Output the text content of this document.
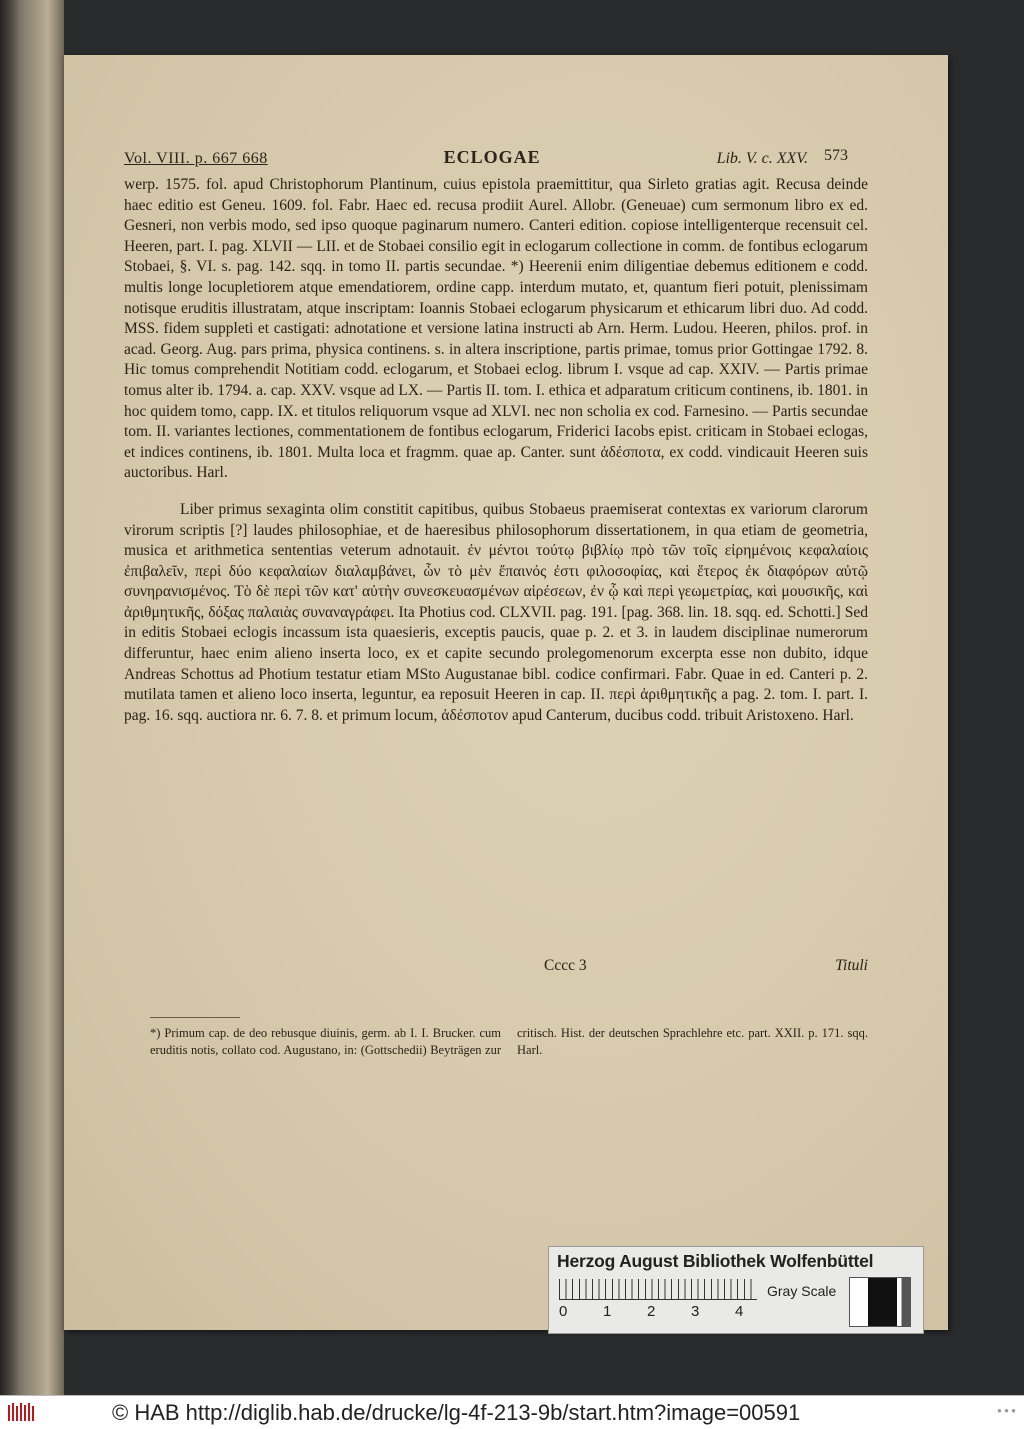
Vol. VIII. p. 667 668	ECLOGAE	Lib. V. c. XXV. 573

werp. 1575. fol. apud Christophorum Plantinum, cuius epistola praemittitur, qua Sirleto gratias agit. Recusa deinde haec editio est Geneu. 1609. fol. Fabr. Haec ed. recusa prodiit Aurel. Allobr. (Geneuae) cum sermonum libro ex ed. Gesneri, non verbis modo, sed ipso quoque paginarum numero. Canteri edition. copiose intelligenterque recensuit cel. Heeren, part. I. pag. XLVII — LII. et de Stobaei consilio egit in eclogarum collectione in comm. de fontibus eclogarum Stobaei, §. VI. s. pag. 142. sqq. in tomo II. partis secundae. *) Heerenii enim diligentiae debemus editionem e codd. multis longe locupletiorem atque emendatiorem, ordine capp. interdum mutato, et, quantum fieri potuit, plenissimam notisque eruditis illustratam, atque inscriptam: Ioannis Stobaei eclogarum physicarum et ethicarum libri duo. Ad codd. MSS. fidem suppleti et castigati: adnotatione et versione latina instructi ab Arn. Herm. Ludou. Heeren, philos. prof. in acad. Georg. Aug. pars prima, physica continens. s. in altera inscriptione, partis primae, tomus prior Gottingae 1792. 8. Hic tomus comprehendit Notitiam codd. eclogarum, et Stobaei eclog. librum I. vsque ad cap. XXIV. — Partis primae tomus alter ib. 1794. a. cap. XXV. vsque ad LX. — Partis II. tom. I. ethica et adparatum criticum continens, ib. 1801. in hoc quidem tomo, capp. IX. et titulos reliquorum vsque ad XLVI. nec non scholia ex cod. Farnesino. — Partis secundae tom. II. variantes lectiones, commentationem de fontibus eclogarum, Friderici Iacobs epist. criticam in Stobaei eclogas, et indices continens, ib. 1801. Multa loca et fragmm. quae ap. Canter. sunt ἀδέσποτα, ex codd. vindicauit Heeren suis auctoribus. Harl.

Liber primus sexaginta olim constitit capitibus, quibus Stobaeus praemiserat contextas ex variorum clarorum virorum scriptis [?] laudes philosophiae, et de haeresibus philosophorum dissertationem, in qua etiam de geometria, musica et arithmetica sententias veterum adnotauit. ἐν μέντοι τούτῳ βιβλίῳ πρὸ τῶν τοῖς εἰρημένοις κεφαλαίοις ἐπιβαλεῖν, περὶ δύο κεφαλαίων διαλαμβάνει, ὧν τὸ μὲν ἔπαινός ἐστι φιλοσοφίας, καὶ ἕτερος ἐκ διαφόρων αὐτῷ συνηρανισμένος. Τὸ δὲ περὶ τῶν κατ' αὐτὴν συνεσκευασμένων αἱρέσεων, ἐν ᾧ καὶ περὶ γεωμετρίας, καὶ μουσικῆς, καὶ ἀριθμητικῆς, δόξας παλαιὰς συναναγράφει. Ita Photius cod. CLXVII. pag. 191. [pag. 368. lin. 18. sqq. ed. Schotti.] Sed in editis Stobaei eclogis incassum ista quaesieris, exceptis paucis, quae p. 2. et 3. in laudem disciplinae numerorum differuntur, haec enim alieno inserta loco, ex et capite secundo prolegomenorum excerpta esse non dubito, idque Andreas Schottus ad Photium testatur etiam MSto Augustanae bibl. codice confirmari. Fabr. Quae in ed. Canteri p. 2. mutilata tamen et alieno loco inserta, leguntur, ea reposuit Heeren in cap. II. περὶ ἀριθμητικῆς a pag. 2. tom. I. part. I. pag. 16. sqq. auctiora nr. 6. 7. 8. et primum locum, ἀδέσποτον apud Canterum, ducibus codd. tribuit Aristoxeno. Harl.

Cccc 3	Tituli

*) Primum cap. de deo rebusque diuinis, germ. ab I. I. Brucker. cum eruditis notis, collato cod. Augustano, in: (Gottschedii) Beyträgen zur critisch. Hist. der deutschen Sprachlehre etc. part. XXII. p. 171. sqq. Harl.

Herzog August Bibliothek Wolfenbüttel
0 1 2 3 4
Gray Scale
© HAB http://diglib.hab.de/drucke/lg-4f-213-9b/start.htm?image=00591	● ● ●
